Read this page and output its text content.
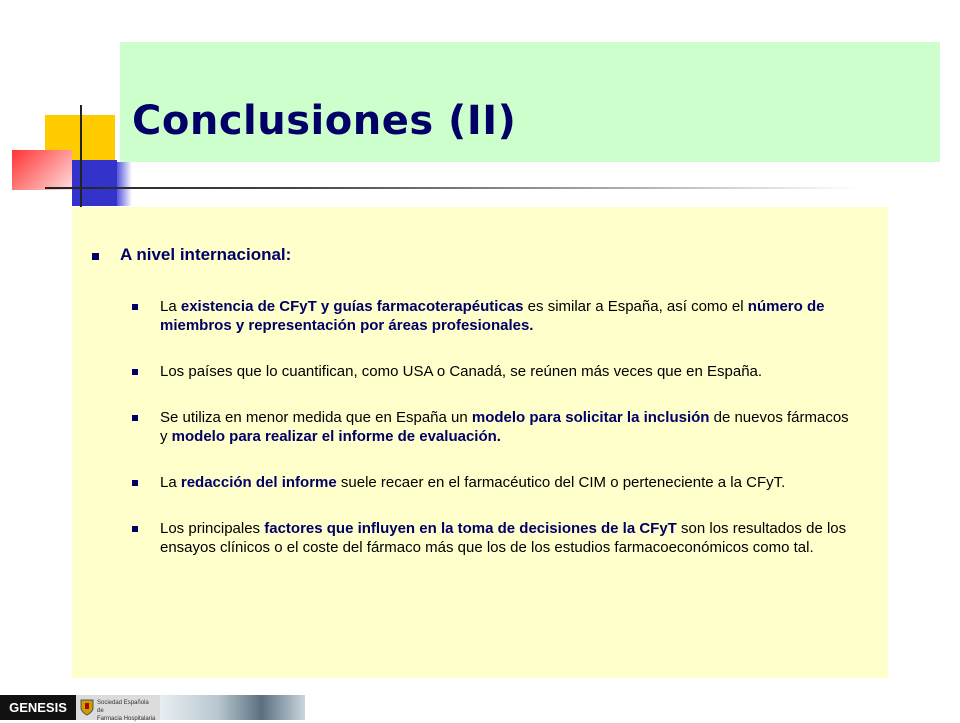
Conclusiones (II)
A nivel internacional:
La existencia de CFyT y guías farmacoterapéuticas es similar a España, así como el número de miembros y representación por áreas profesionales.
Los países que lo cuantifican, como USA o Canadá, se reúnen más veces que en España.
Se utiliza en menor medida que en España un modelo para solicitar la inclusión de nuevos fármacos y modelo para realizar el informe de evaluación.
La redacción del informe suele recaer en el farmacéutico del CIM o perteneciente a la CFyT.
Los principales factores que influyen en la toma de decisiones de la CFyT son los resultados de los ensayos clínicos o el coste del fármaco más que los de los estudios farmacoeconómicos como tal.
GENESIS	Sociedad Española de
Farmacia Hospitalaria
